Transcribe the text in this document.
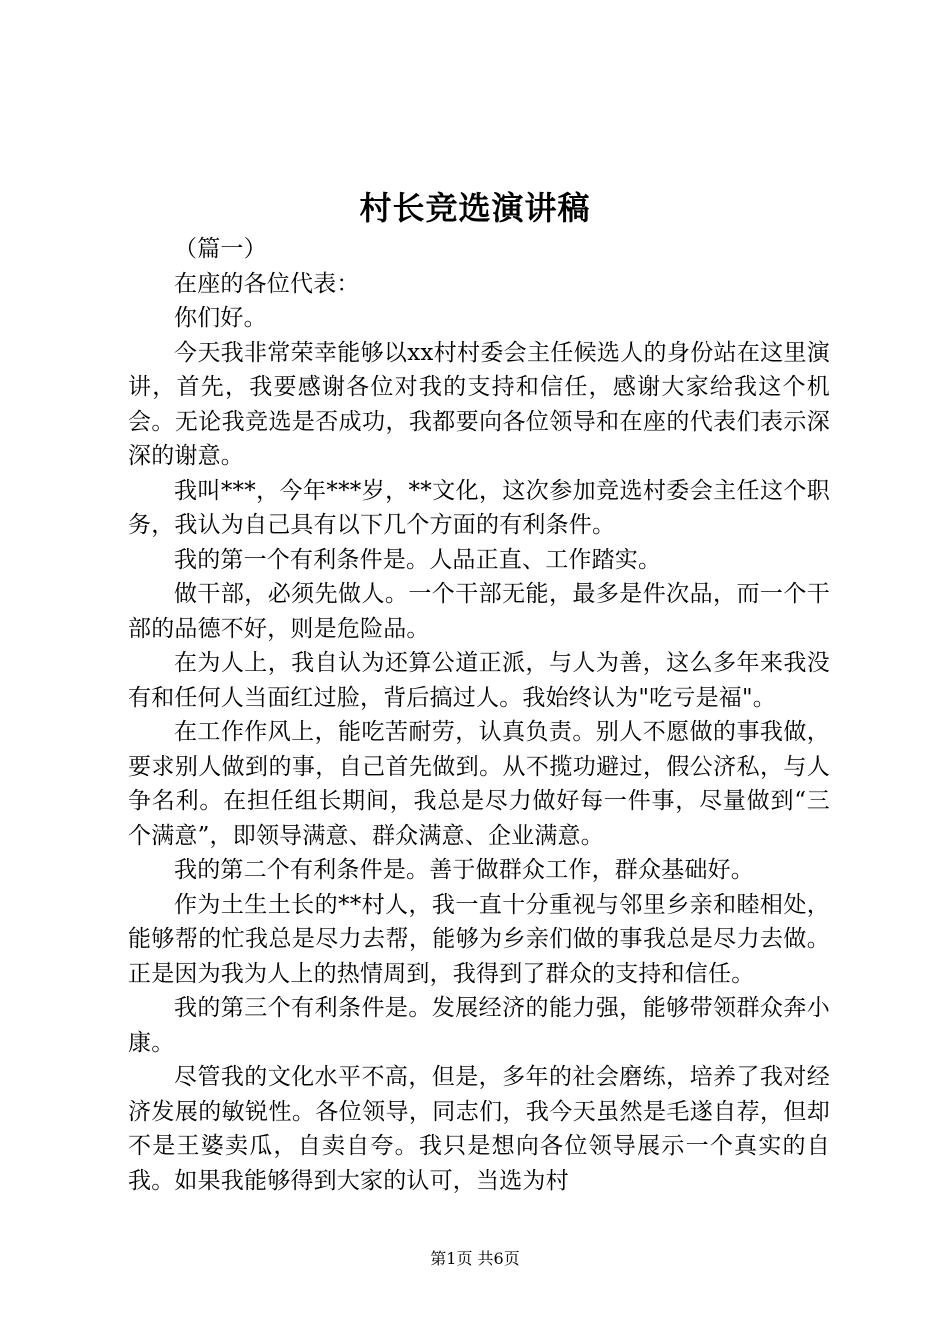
村长竞选演讲稿

（篇一）

在座的各位代表：

你们好。

今天我非常荣幸能够以xx村村委会主任候选人的身份站在这里演讲，首先，我要感谢各位对我的支持和信任，感谢大家给我这个机会。无论我竞选是否成功，我都要向各位领导和在座的代表们表示深深的谢意。

我叫***，今年***岁，**文化，这次参加竞选村委会主任这个职务，我认为自己具有以下几个方面的有利条件。

我的第一个有利条件是。人品正直、工作踏实。

做干部，必须先做人。一个干部无能，最多是件次品，而一个干部的品德不好，则是危险品。

在为人上，我自认为还算公道正派，与人为善，这么多年来我没有和任何人当面红过脸，背后搞过人。我始终认为"吃亏是福"。

在工作作风上，能吃苦耐劳，认真负责。别人不愿做的事我做，要求别人做到的事，自己首先做到。从不揽功避过，假公济私，与人争名利。在担任组长期间，我总是尽力做好每一件事，尽量做到“三个满意”，即领导满意、群众满意、企业满意。

我的第二个有利条件是。善于做群众工作，群众基础好。

作为土生土长的**村人，我一直十分重视与邻里乡亲和睦相处，能够帮的忙我总是尽力去帮，能够为乡亲们做的事我总是尽力去做。正是因为我为人上的热情周到，我得到了群众的支持和信任。

我的第三个有利条件是。发展经济的能力强，能够带领群众奔小康。

尽管我的文化水平不高，但是，多年的社会磨练，培养了我对经济发展的敏锐性。各位领导，同志们，我今天虽然是毛遂自荐，但却不是王婆卖瓜，自卖自夸。我只是想向各位领导展示一个真实的自我。如果我能够得到大家的认可，当选为村

第1页 共6页
